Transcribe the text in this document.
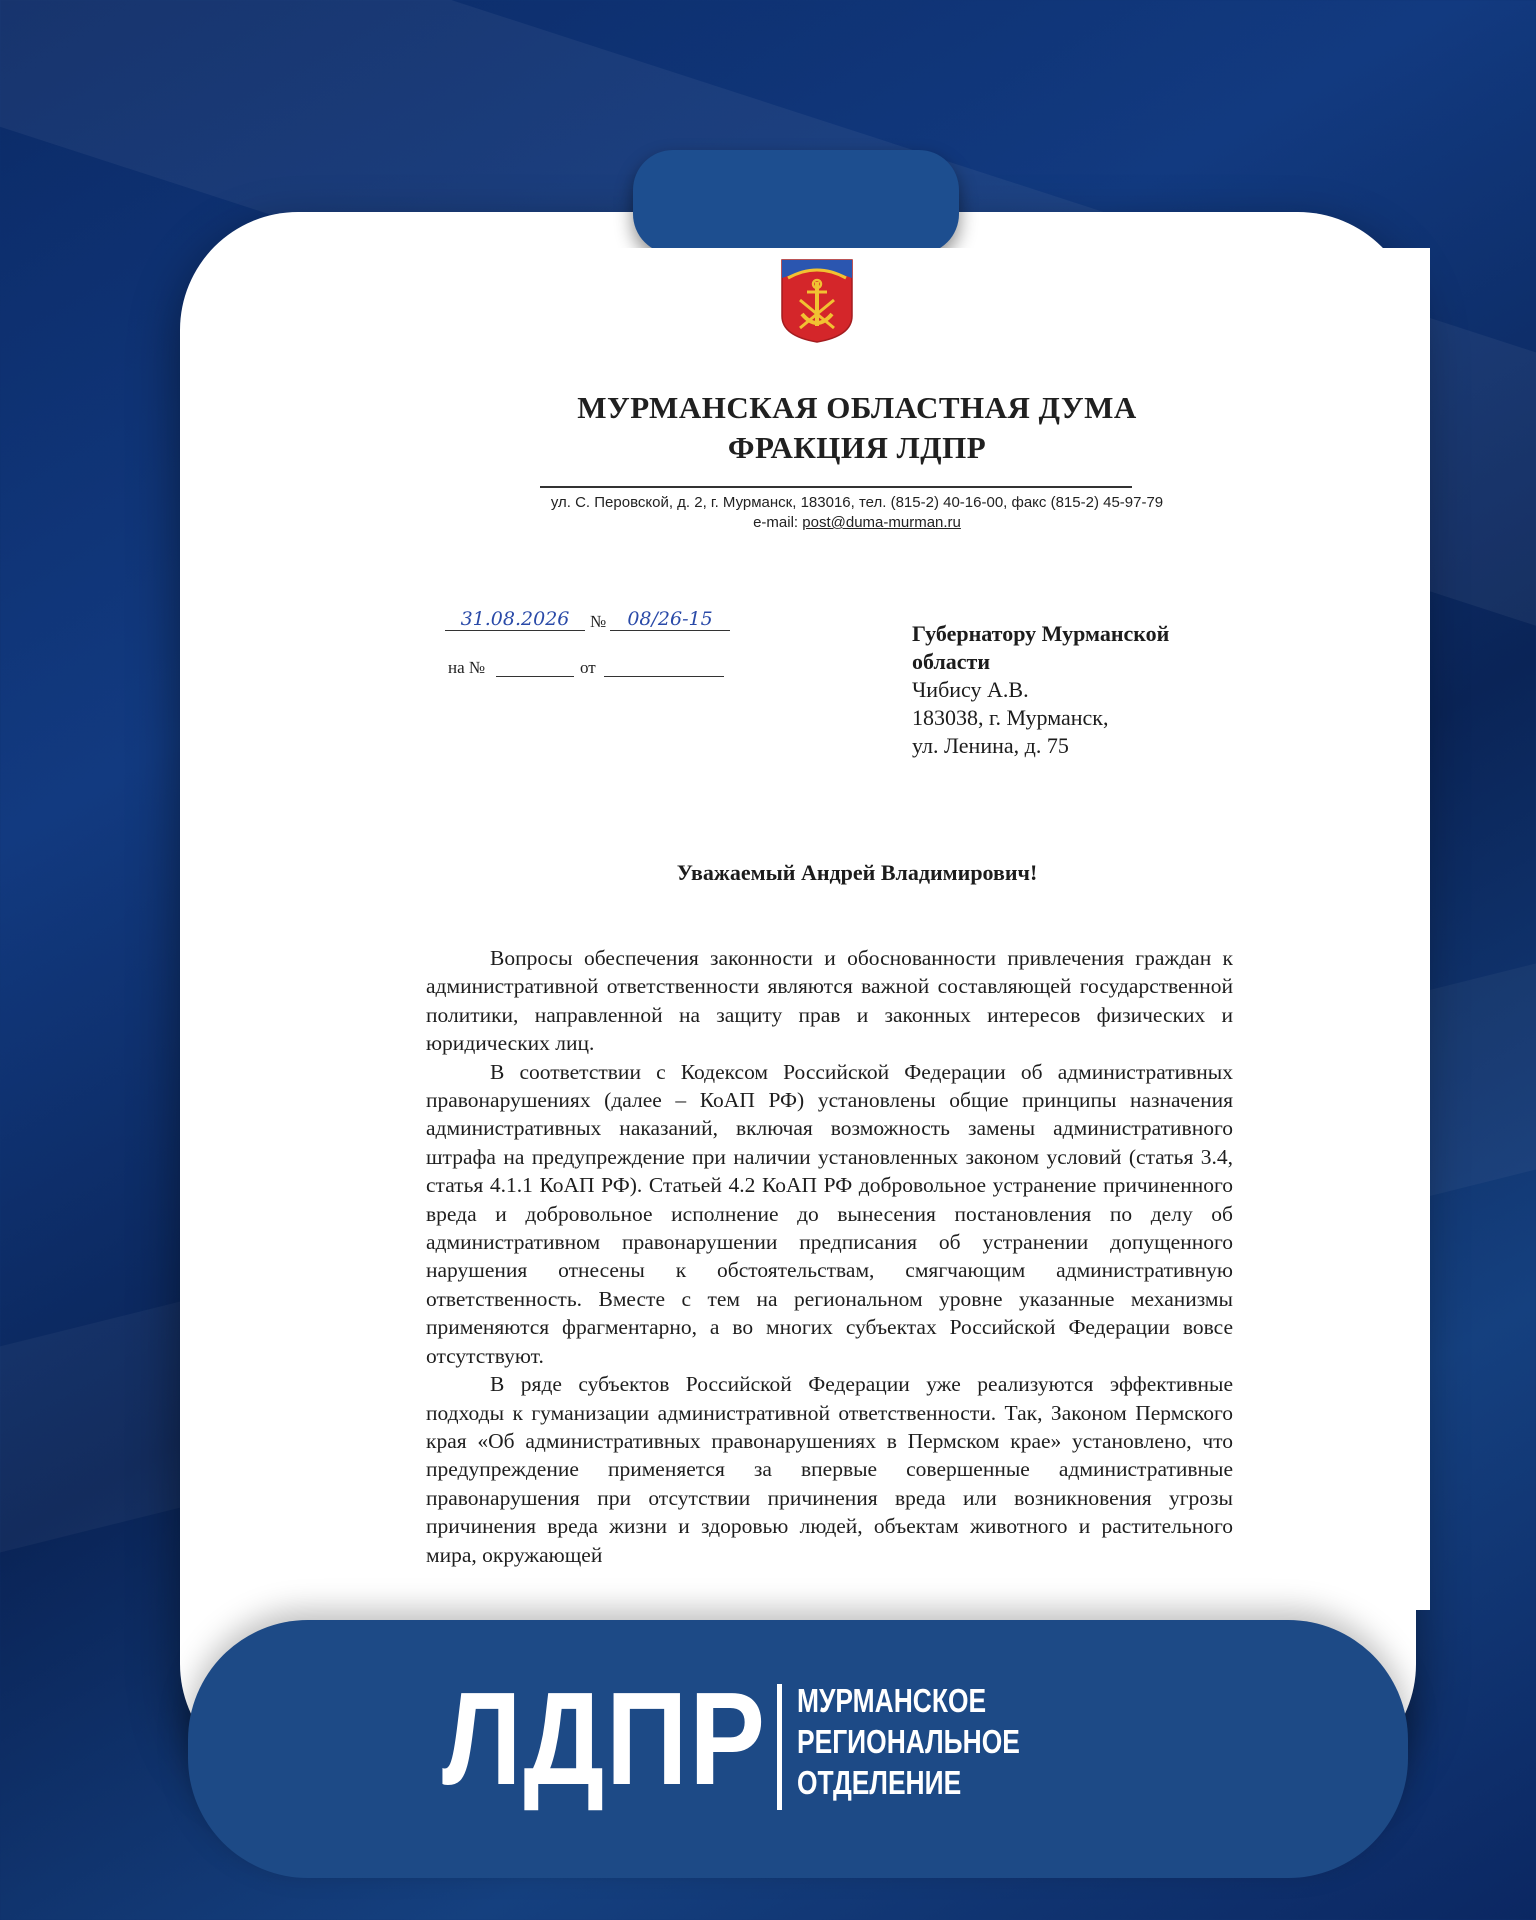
МУРМАНСКАЯ ОБЛАСТНАЯ ДУМА
ФРАКЦИЯ ЛДПР
ул. С. Перовской, д. 2, г. Мурманск, 183016, тел. (815-2) 40-16-00, факс (815-2) 45-97-79
e-mail: post@duma-murman.ru
31.08.2026	№	08/26-15
на №	от
Губернатору Мурманской
области
Чибису А.В.
183038, г. Мурманск,
ул. Ленина, д. 75
Уважаемый Андрей Владимирович!

Вопросы обеспечения законности и обоснованности привлечения граждан к административной ответственности являются важной составляющей государственной политики, направленной на защиту прав и законных интересов физических и юридических лиц.

В соответствии с Кодексом Российской Федерации об административных правонарушениях (далее – КоАП РФ) установлены общие принципы назначения административных наказаний, включая возможность замены административного штрафа на предупреждение при наличии установленных законом условий (статья 3.4, статья 4.1.1 КоАП РФ). Статьей 4.2 КоАП РФ добровольное устранение причиненного вреда и добровольное исполнение до вынесения постановления по делу об административном правонарушении предписания об устранении допущенного нарушения отнесены к обстоятельствам, смягчающим административную ответственность. Вместе с тем на региональном уровне указанные механизмы применяются фрагментарно, а во многих субъектах Российской Федерации вовсе отсутствуют.

В ряде субъектов Российской Федерации уже реализуются эффективные подходы к гуманизации административной ответственности. Так, Законом Пермского края «Об административных правонарушениях в Пермском крае» установлено, что предупреждение применяется за впервые совершенные административные правонарушения при отсутствии причинения вреда или возникновения угрозы причинения вреда жизни и здоровью людей, объектам животного и растительного мира, окружающей

ЛДПР МУРМАНСКОЕ
РЕГИОНАЛЬНОЕ
ОТДЕЛЕНИЕ
